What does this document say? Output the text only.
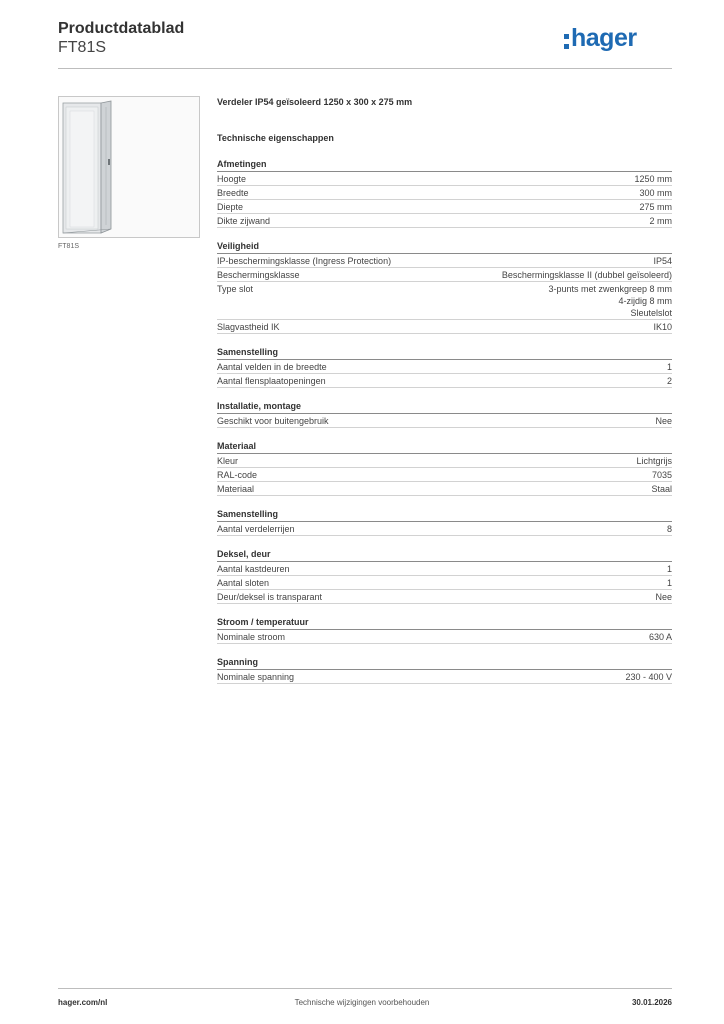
Productdatablad
FT81S	hager
FT81S
Verdeler IP54 geïsoleerd 1250 x 300 x 275 mm
Technische eigenschappen
Afmetingen
Hoogte	1250 mm
Breedte	300 mm
Diepte	275 mm
Dikte zijwand	2 mm
Veiligheid
IP-beschermingsklasse (Ingress Protection)	IP54
Beschermingsklasse	Beschermingsklasse II (dubbel geïsoleerd)
Type slot	3-punts met zwenkgreep 8 mm
4-zijdig 8 mm
Sleutelslot
Slagvastheid IK	IK10
Samenstelling
Aantal velden in de breedte	1
Aantal flensplaatopeningen	2
Installatie, montage
Geschikt voor buitengebruik	Nee
Materiaal
Kleur	Lichtgrijs
RAL-code	7035
Materiaal	Staal
Samenstelling
Aantal verdelerrijen	8
Deksel, deur
Aantal kastdeuren	1
Aantal sloten	1
Deur/deksel is transparant	Nee
Stroom / temperatuur
Nominale stroom	630 A
Spanning
Nominale spanning	230 - 400 V
hager.com/nl	Technische wijzigingen voorbehouden	30.01.2026
